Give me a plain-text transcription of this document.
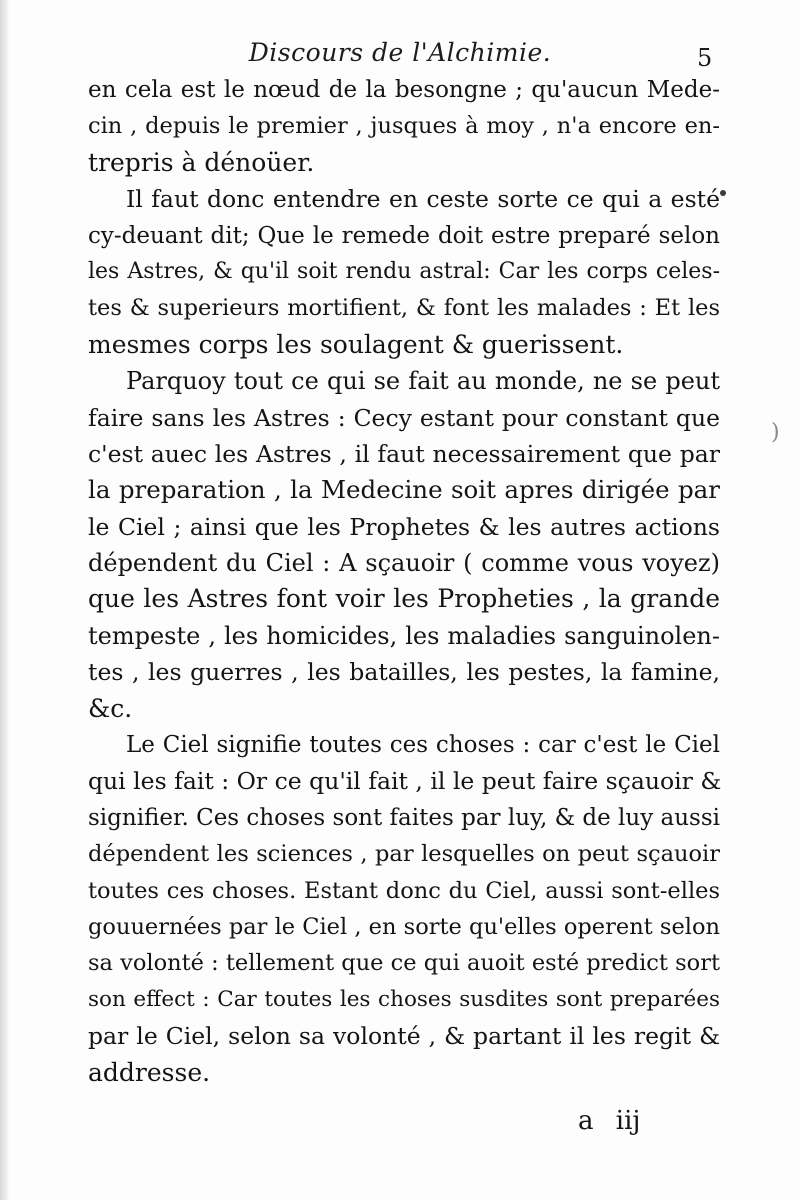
Discours de l'Alchimie.	5
)
en cela est le nœud de la besongne ; qu'aucun Mede-
cin , depuis le premier , jusques à moy , n'a encore en-
trepris à dénoüer.
Il faut donc entendre en ceste sorte ce qui a esté
cy-deuant dit; Que le remede doit estre preparé selon
les Astres, & qu'il soit rendu astral: Car les corps celes-
tes & superieurs mortifient, & font les malades : Et les
mesmes corps les soulagent & guerissent.
Parquoy tout ce qui se fait au monde, ne se peut
faire sans les Astres : Cecy estant pour constant que
c'est auec les Astres , il faut necessairement que par
la preparation , la Medecine soit apres dirigée par
le Ciel ; ainsi que les Prophetes & les autres actions
dépendent du Ciel : A sçauoir ( comme vous voyez)
que les Astres font voir les Propheties , la grande
tempeste , les homicides, les maladies sanguinolen-
tes , les guerres , les batailles, les pestes, la famine,
&c.
Le Ciel signifie toutes ces choses : car c'est le Ciel
qui les fait : Or ce qu'il fait , il le peut faire sçauoir &
signifier. Ces choses sont faites par luy, & de luy aussi
dépendent les sciences , par lesquelles on peut sçauoir
toutes ces choses. Estant donc du Ciel, aussi sont-elles
gouuernées par le Ciel , en sorte qu'elles operent selon
sa volonté : tellement que ce qui auoit esté predict sort
son effect : Car toutes les choses susdites sont preparées
par le Ciel, selon sa volonté , & partant il les regit &
addresse.
a iij
